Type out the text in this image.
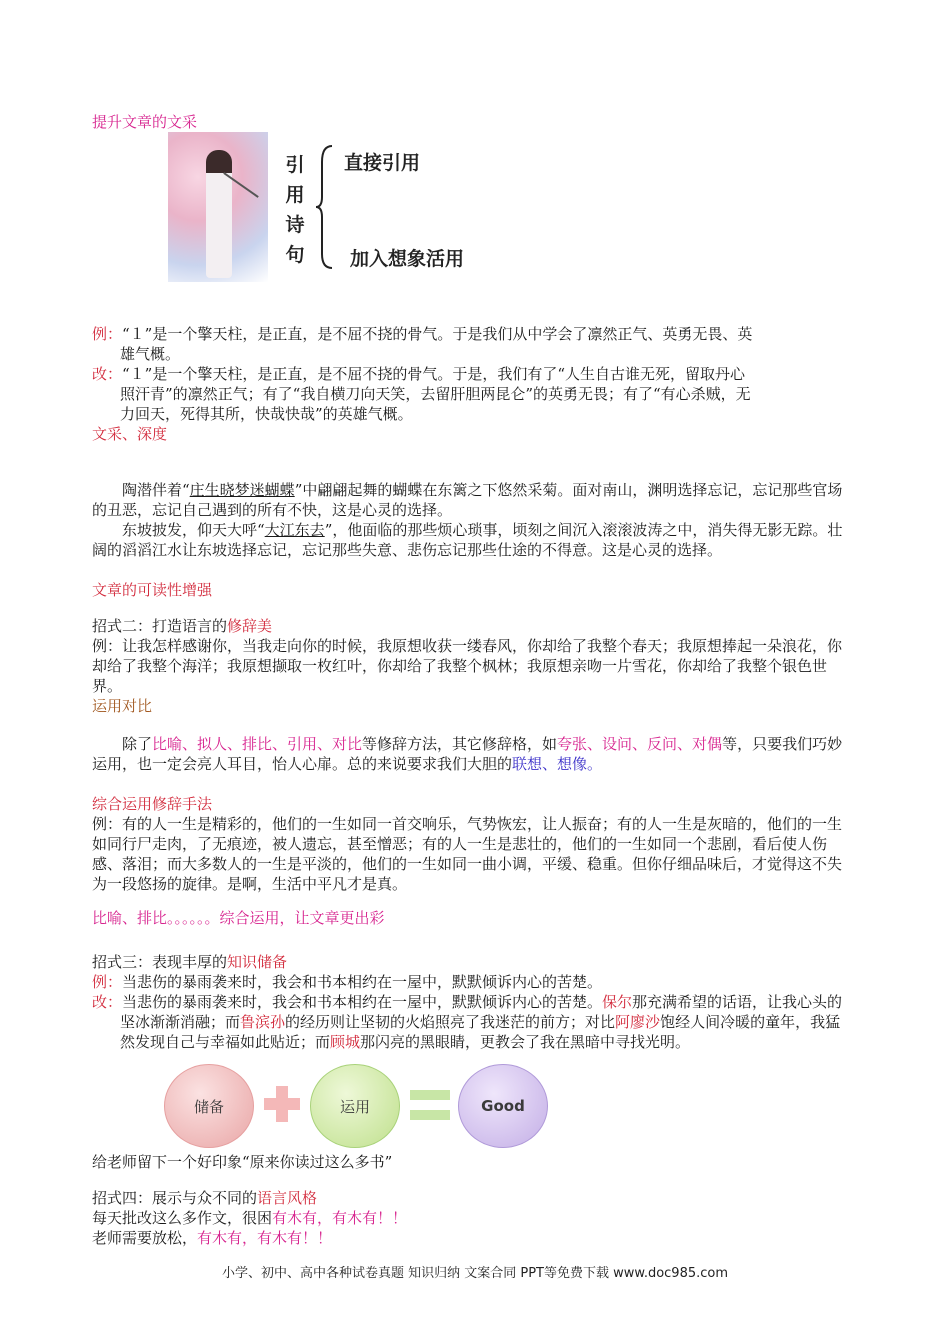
提升文章的文采
引
用
诗
句
直接引用
加入想象活用
例：“１”是一个擎天柱，是正直，是不屈不挠的骨气。于是我们从中学会了凛然正气、英勇无畏、英
雄气概。
改：“１”是一个擎天柱，是正直，是不屈不挠的骨气。于是，我们有了“人生自古谁无死，留取丹心
照汗青”的凛然正气；有了“我自横刀向天笑，去留肝胆两昆仑”的英勇无畏；有了“有心杀贼，无
力回天，死得其所，快哉快哉”的英雄气概。
文采、深度
陶潜伴着“庄生晓梦迷蝴蝶”中翩翩起舞的蝴蝶在东篱之下悠然采菊。面对南山，渊明选择忘记，忘记那些官场的丑恶，忘记自己遇到的所有不快，这是心灵的选择。
东坡披发，仰天大呼“大江东去”，他面临的那些烦心琐事，顷刻之间沉入滚滚波涛之中，消失得无影无踪。壮阔的滔滔江水让东坡选择忘记，忘记那些失意、悲伤忘记那些仕途的不得意。这是心灵的选择。
文章的可读性增强
招式二：打造语言的修辞美
例：让我怎样感谢你，当我走向你的时候，我原想收获一缕春风，你却给了我整个春天；我原想捧起一朵浪花，你却给了我整个海洋；我原想撷取一枚红叶，你却给了我整个枫林；我原想亲吻一片雪花，你却给了我整个银色世界。
运用对比
除了比喻、拟人、排比、引用、对比等修辞方法，其它修辞格，如夸张、设问、反问、对偶等，只要我们巧妙运用，也一定会亮人耳目，怡人心扉。总的来说要求我们大胆的联想、想像。
综合运用修辞手法
例：有的人一生是精彩的，他们的一生如同一首交响乐，气势恢宏，让人振奋；有的人一生是灰暗的，他们的一生如同行尸走肉，了无痕迹，被人遗忘，甚至憎恶；有的人一生是悲壮的，他们的一生如同一个悲剧，看后使人伤感、落泪；而大多数人的一生是平淡的，他们的一生如同一曲小调，平缓、稳重。但你仔细品味后，才觉得这不失为一段悠扬的旋律。是啊，生活中平凡才是真。
比喻、排比。。。。。。综合运用，让文章更出彩
招式三：表现丰厚的知识储备
例：当悲伤的暴雨袭来时，我会和书本相约在一屋中，默默倾诉内心的苦楚。
改： 当悲伤的暴雨袭来时，我会和书本相约在一屋中，默默倾诉内心的苦楚。保尔那充满希望的话语，让我心头的坚冰渐渐消融；而鲁滨孙的经历则让坚韧的火焰照亮了我迷茫的前方；对比阿廖沙饱经人间冷暖的童年，我猛然发现自己与幸福如此贴近；而顾城那闪亮的黑眼睛，更教会了我在黑暗中寻找光明。
储备	运用	Good
给老师留下一个好印象“原来你读过这么多书”
招式四：展示与众不同的语言风格
每天批改这么多作文，很困有木有，有木有！！
老师需要放松，有木有，有木有！！
小学、初中、高中各种试卷真题 知识归纳 文案合同 PPT等免费下载 www.doc985.com
